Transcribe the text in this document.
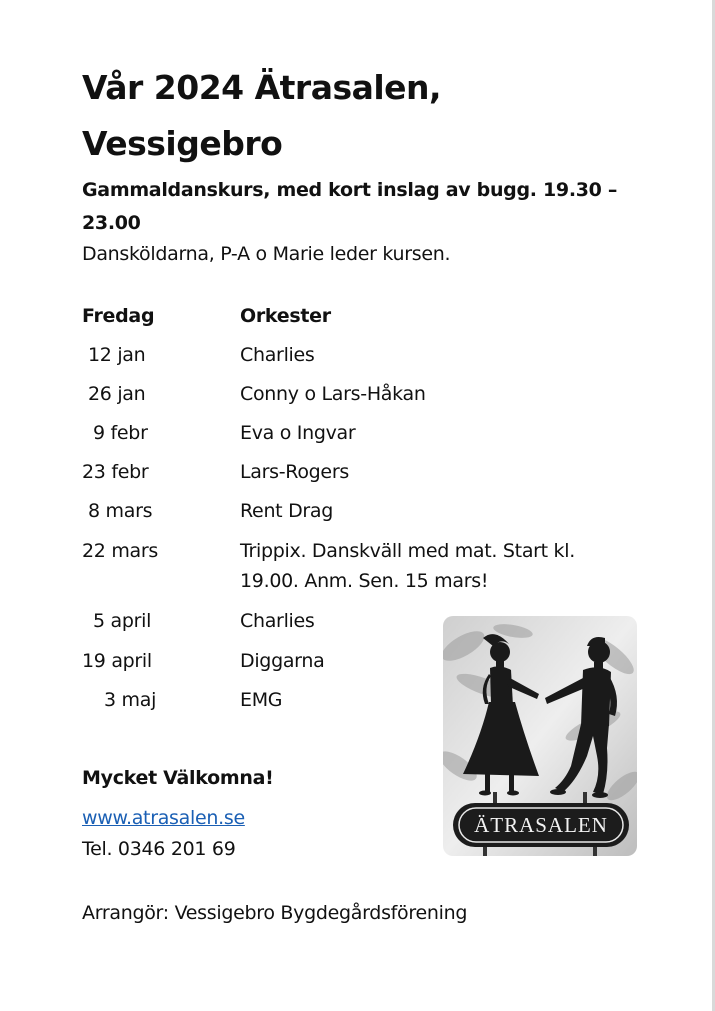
Vår 2024 Ätrasalen,
Vessigebro
Gammaldanskurs, med kort inslag av bugg. 19.30 –
23.00
Dansköldarna, P-A o Marie leder kursen.
Fredag	Orkester
12 jan	Charlies
26 jan	Conny o Lars-Håkan
9 febr	Eva o Ingvar
23 febr	Lars-Rogers
8 mars	Rent Drag
22 mars	Trippix. Danskväll med mat. Start kl.
19.00. Anm. Sen. 15 mars!
5 april	Charlies
19 april	Diggarna
3 maj	EMG
Mycket Välkomna!
www.atrasalen.se
Tel. 0346 201 69
Arrangör: Vessigebro Bygdegårdsförening
ÄTRASALEN
